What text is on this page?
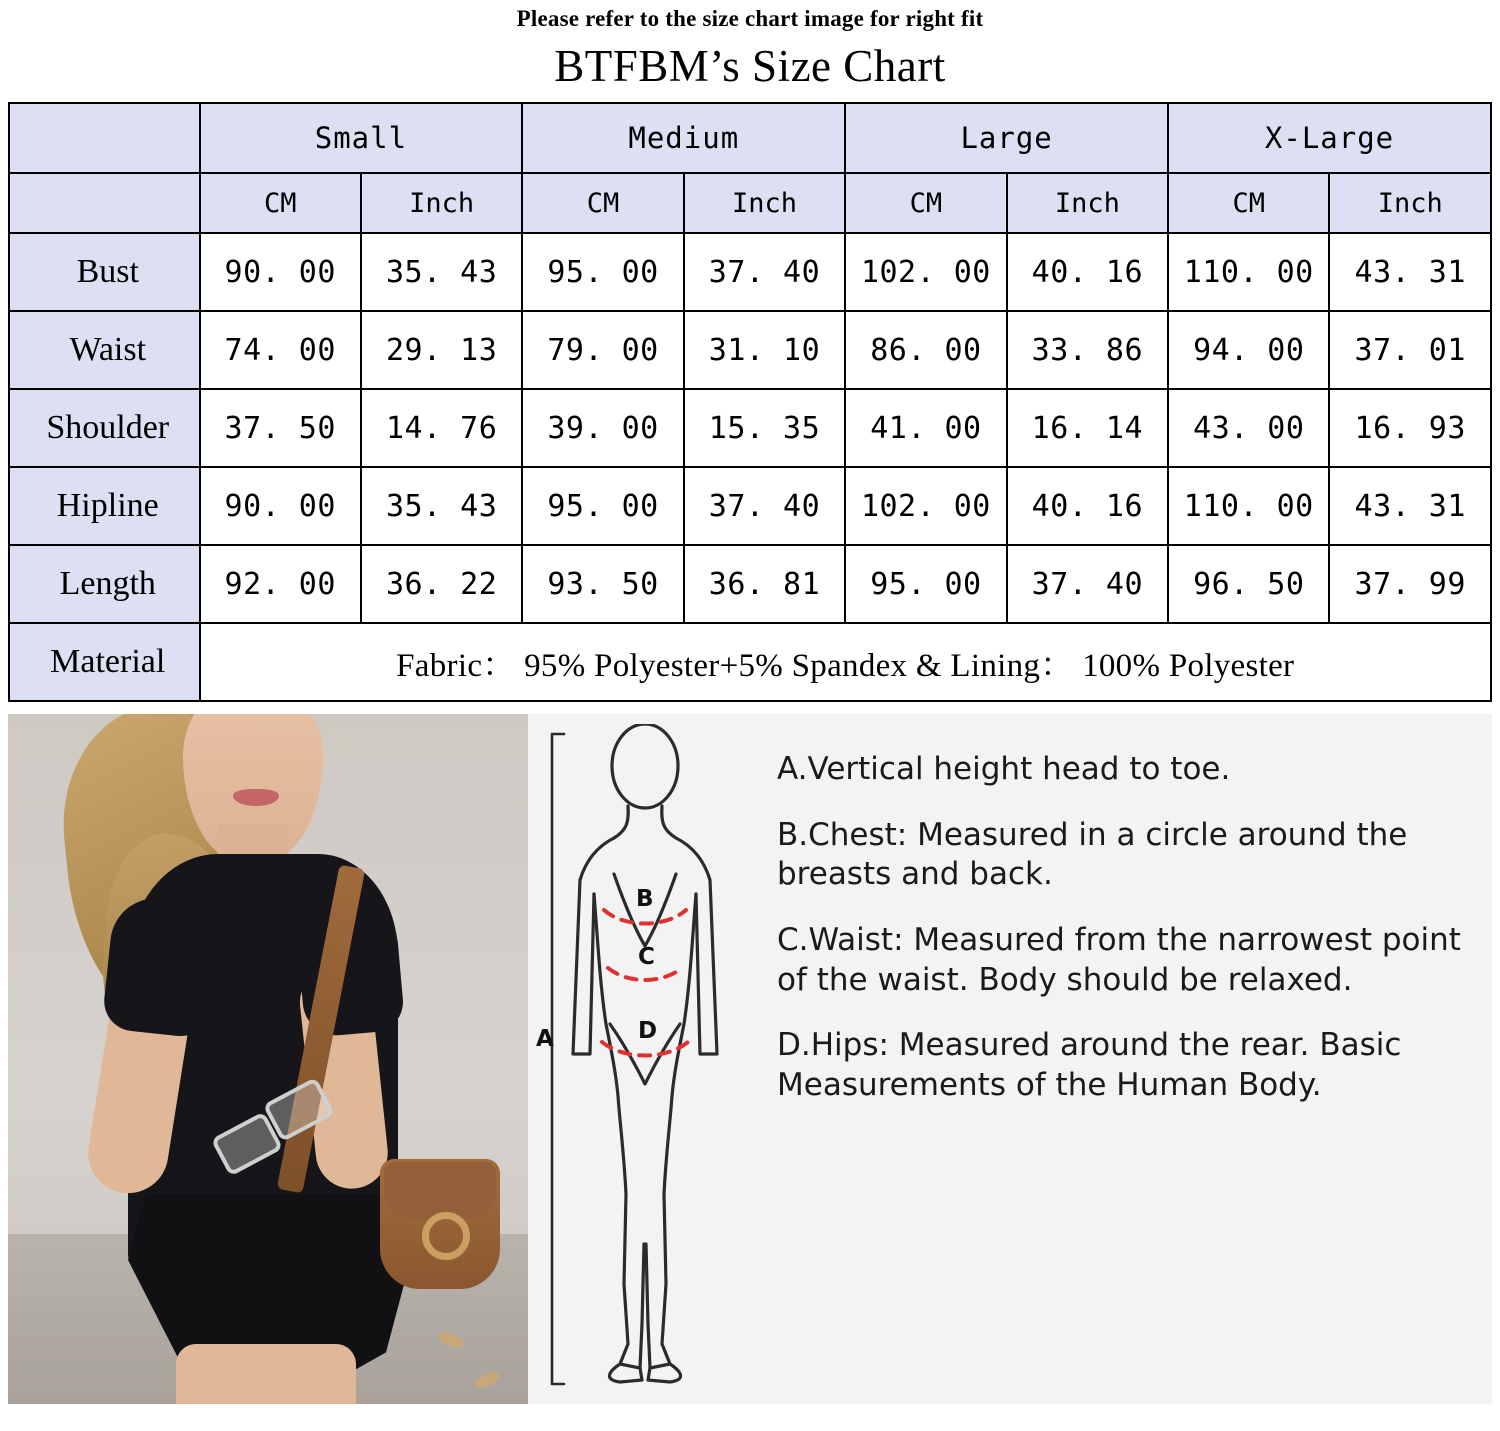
Please refer to the size chart image for right fit
BTFBM’s Size Chart
	Small		Medium		Large		X-Large	
	CM	Inch	CM	Inch	CM	Inch	CM	Inch
Bust	90. 00	35. 43	95. 00	37. 40	102. 00	40. 16	110. 00	43. 31
Waist	74. 00	29. 13	79. 00	31. 10	86. 00	33. 86	94. 00	37. 01
Shoulder	37. 50	14. 76	39. 00	15. 35	41. 00	16. 14	43. 00	16. 93
Hipline	90. 00	35. 43	95. 00	37. 40	102. 00	40. 16	110. 00	43. 31
Length	92. 00	36. 22	93. 50	36. 81	95. 00	37. 40	96. 50	37. 99
Material	Fabric： 95% Polyester+5% Spandex & Lining： 100% Polyester							
A
B
C
D

A.Vertical height head to toe.

B.Chest: Measured in a circle around the breasts and back.

C.Waist: Measured from the narrowest point of the waist. Body should be relaxed.

D.Hips: Measured around the rear. Basic Measurements of the Human Body.
